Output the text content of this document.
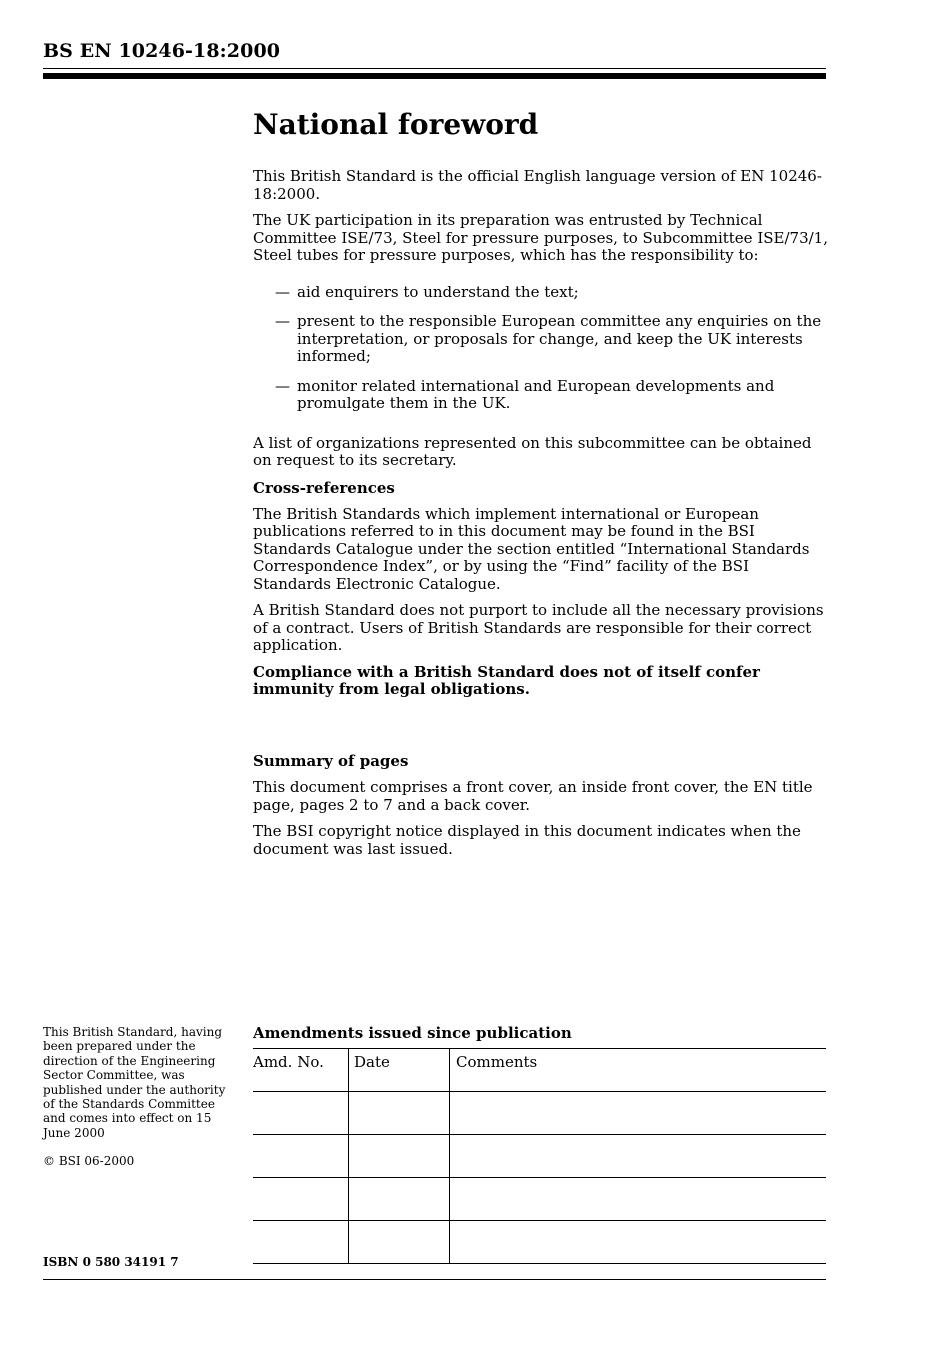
BS EN 10246-18:2000
National foreword

This British Standard is the official English language version of EN 10246-18:2000.

The UK participation in its preparation was entrusted by Technical Committee ISE/73, Steel for pressure purposes, to Subcommittee ISE/73/1, Steel tubes for pressure purposes, which has the responsibility to:

— aid enquirers to understand the text;
— present to the responsible European committee any enquiries on the interpretation, or proposals for change, and keep the UK interests informed;
— monitor related international and European developments and promulgate them in the UK.

A list of organizations represented on this subcommittee can be obtained on request to its secretary.

Cross-references

The British Standards which implement international or European publications referred to in this document may be found in the BSI Standards Catalogue under the section entitled “International Standards Correspondence Index”, or by using the “Find” facility of the BSI Standards Electronic Catalogue.

A British Standard does not purport to include all the necessary provisions of a contract. Users of British Standards are responsible for their correct application.

Compliance with a British Standard does not of itself confer immunity from legal obligations.

Summary of pages

This document comprises a front cover, an inside front cover, the EN title page, pages 2 to 7 and a back cover.

The BSI copyright notice displayed in this document indicates when the document was last issued.

This British Standard, having been prepared under the direction of the Engineering Sector Committee, was published under the authority of the Standards Committee and comes into effect on 15 June 2000
© BSI 06-2000
ISBN 0 580 34191 7
Amendments issued since publication
Amd. No.	Date	Comments
